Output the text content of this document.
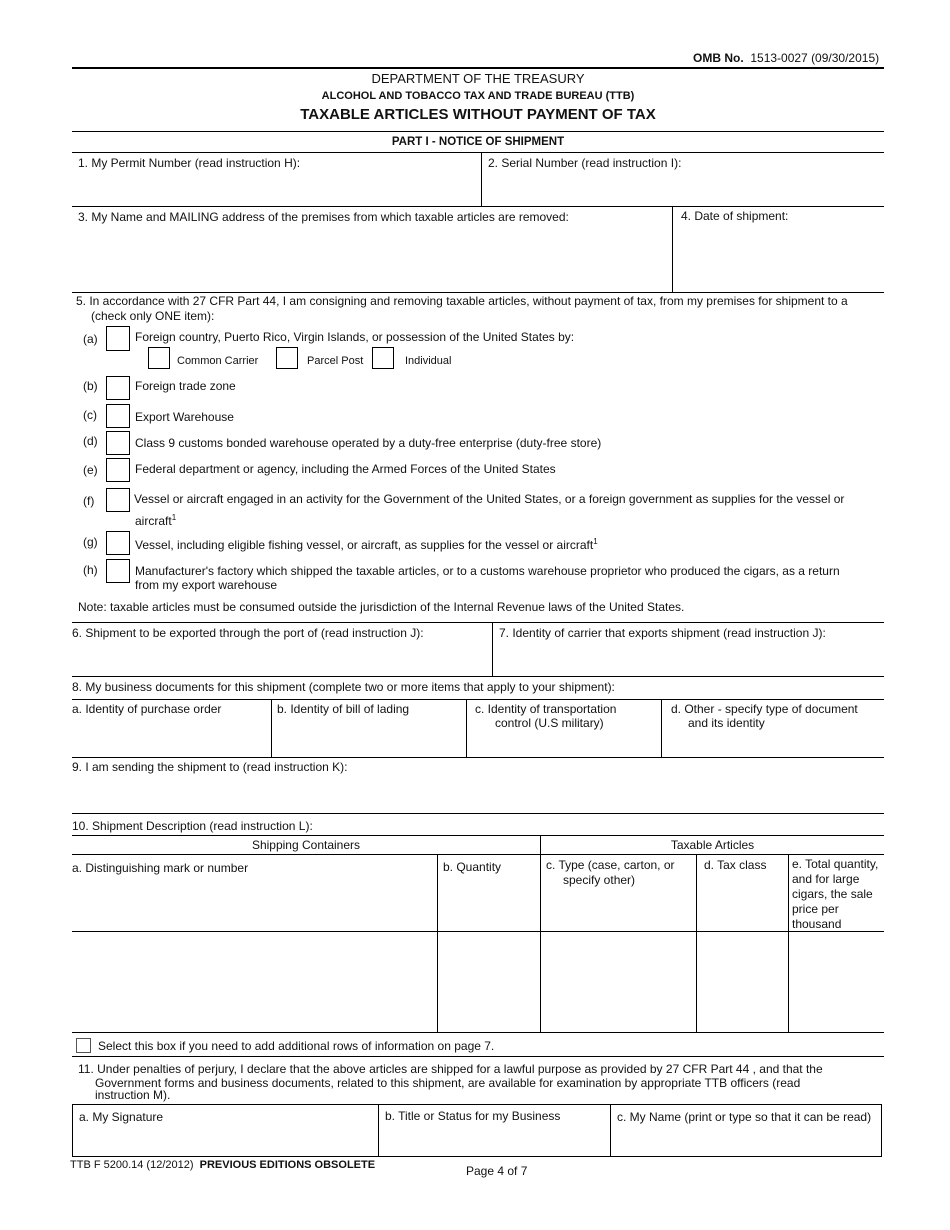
OMB No. 1513-0027 (09/30/2015)
DEPARTMENT OF THE TREASURY
ALCOHOL AND TOBACCO TAX AND TRADE BUREAU (TTB)
TAXABLE ARTICLES WITHOUT PAYMENT OF TAX
PART I - NOTICE OF SHIPMENT
1. My Permit Number (read instruction H):	2. Serial Number (read instruction I):
3. My Name and MAILING address of the premises from which taxable articles are removed:	4. Date of shipment:
5. In accordance with 27 CFR Part 44, I am consigning and removing taxable articles, without payment of tax, from my premises for shipment to a
(check only ONE item):
(a)	Foreign country, Puerto Rico, Virgin Islands, or possession of the United States by:
Common Carrier	Parcel Post	Individual
(b)	Foreign trade zone
(c)	Export Warehouse
(d)	Class 9 customs bonded warehouse operated by a duty-free enterprise (duty-free store)
(e)	Federal department or agency, including the Armed Forces of the United States
(f)	Vessel or aircraft engaged in an activity for the Government of the United States, or a foreign government as supplies for the vessel or
aircraft$^1$
(g)	Vessel, including eligible fishing vessel, or aircraft, as supplies for the vessel or aircraft$^1$
(h)	Manufacturer's factory which shipped the taxable articles, or to a customs warehouse proprietor who produced the cigars, as a return
from my export warehouse
Note: taxable articles must be consumed outside the jurisdiction of the Internal Revenue laws of the United States.
6. Shipment to be exported through the port of (read instruction J):	7. Identity of carrier that exports shipment (read instruction J):
8. My business documents for this shipment (complete two or more items that apply to your shipment):
a. Identity of purchase order	b. Identity of bill of lading	c. Identity of transportation
control (U.S military)
d. Other - specify type of document
and its identity
9. I am sending the shipment to (read instruction K):
10. Shipment Description (read instruction L):
Shipping Containers	Taxable Articles
a. Distinguishing mark or number	b. Quantity	c. Type (case, carton, or
specify other)
d. Tax class e. Total quantity,
and for large
cigars, the sale
price per
thousand
Select this box if you need to add additional rows of information on page 7.
11. Under penalties of perjury, I declare that the above articles are shipped for a lawful purpose as provided by 27 CFR Part 44 , and that the
Government forms and business documents, related to this shipment, are available for examination by appropriate TTB officers (read
instruction M).
a. My Signature	b. Title or Status for my Business	c. My Name (print or type so that it can be read)
TTB F 5200.14 (12/2012) PREVIOUS EDITIONS OBSOLETE	Page 4 of 7
